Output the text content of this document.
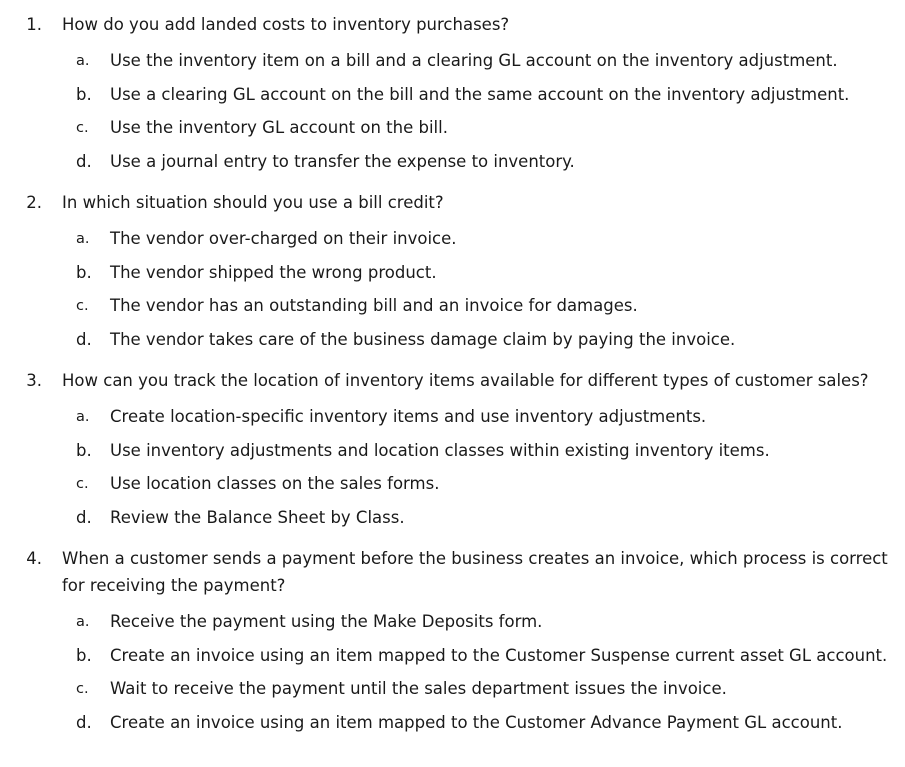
1.	How do you add landed costs to inventory purchases?
a.	Use the inventory item on a bill and a clearing GL account on the inventory adjustment.
b.	Use a clearing GL account on the bill and the same account on the inventory adjustment.
c.	Use the inventory GL account on the bill.
d.	Use a journal entry to transfer the expense to inventory.
2.	In which situation should you use a bill credit?
a.	The vendor over-charged on their invoice.
b.	The vendor shipped the wrong product.
c.	The vendor has an outstanding bill and an invoice for damages.
d.	The vendor takes care of the business damage claim by paying the invoice.
3.	How can you track the location of inventory items available for different types of customer sales?
a.	Create location-specific inventory items and use inventory adjustments.
b.	Use inventory adjustments and location classes within existing inventory items.
c.	Use location classes on the sales forms.
d.	Review the Balance Sheet by Class.
4.	When a customer sends a payment before the business creates an invoice, which process is correct for receiving the payment?
a.	Receive the payment using the Make Deposits form.
b.	Create an invoice using an item mapped to the Customer Suspense current asset GL account.
c.	Wait to receive the payment until the sales department issues the invoice.
d.	Create an invoice using an item mapped to the Customer Advance Payment GL account.
